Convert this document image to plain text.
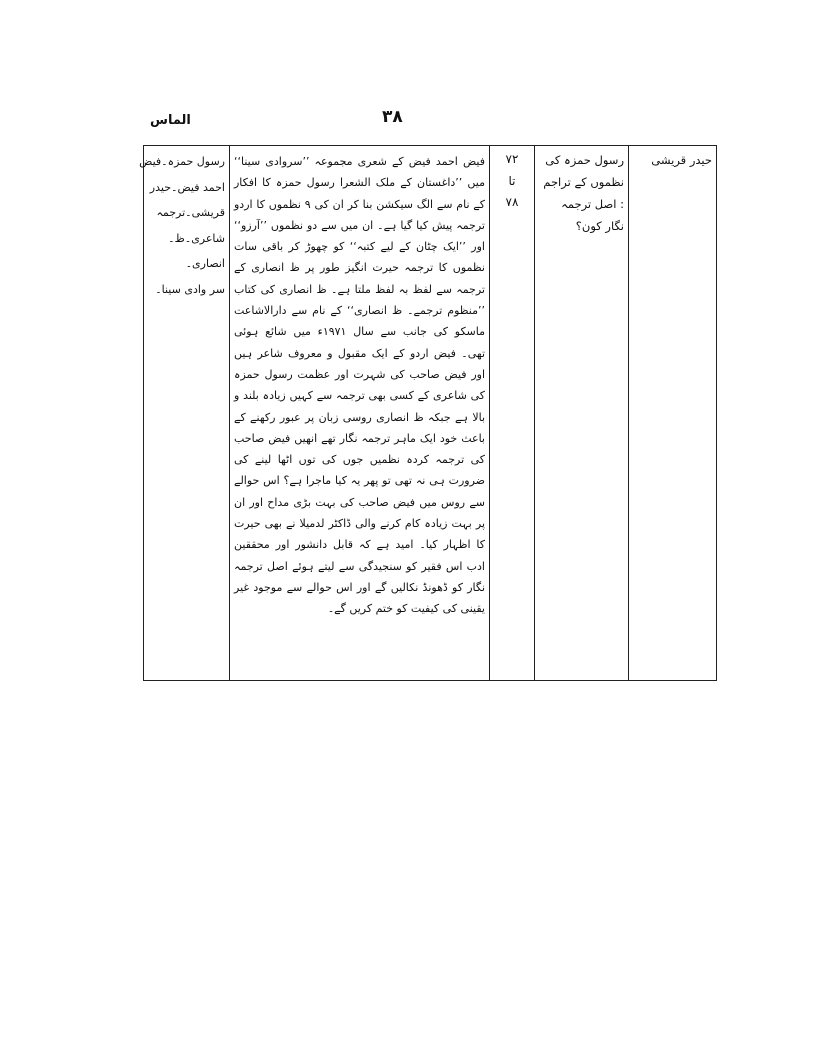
الماس	۳۸
حیدر قریشی

رسول حمزہ کی نظموں کے تراجم : اصل ترجمہ نگار کون؟

۷۲
تا
۷۸

فیض احمد فیض کے شعری مجموعہ ’’سروادی سینا‘‘ میں ’’داغستان کے ملک الشعرا رسول حمزہ کا افکار کے نام سے الگ سیکشن بنا کر ان کی ۹ نظموں کا اردو ترجمہ پیش کیا گیا ہے۔ ان میں سے دو نظموں ’’آرزو‘‘ اور ’’ایک چٹان کے لیے کتبہ‘‘ کو چھوڑ کر باقی سات نظموں کا ترجمہ حیرت انگیز طور پر ظ انصاری کے ترجمہ سے لفظ بہ لفظ ملتا ہے۔ ظ انصاری کی کتاب ’’منظوم ترجمے۔ ظ انصاری‘‘ کے نام سے دارالاشاعت ماسکو کی جانب سے سال ۱۹۷۱ء میں شائع ہوئی تھی۔ فیض اردو کے ایک مقبول و معروف شاعر ہیں اور فیض صاحب کی شہرت اور عظمت رسول حمزہ کی شاعری کے کسی بھی ترجمہ سے کہیں زیادہ بلند و بالا ہے جبکہ ظ انصاری روسی زبان پر عبور رکھنے کے باعث خود ایک ماہر ترجمہ نگار تھے انھیں فیض صاحب کی ترجمہ کردہ نظمیں جوں کی توں اٹھا لینے کی ضرورت ہی نہ تھی تو پھر یہ کیا ماجرا ہے؟ اس حوالے سے روس میں فیض صاحب کی بہت بڑی مداح اور ان پر بہت زیادہ کام کرنے والی ڈاکٹر لدمیلا نے بھی حیرت کا اظہار کیا۔ امید ہے کہ قابل دانشور اور محققین ادب اس فقیر کو سنجیدگی سے لیتے ہوئے اصل ترجمہ نگار کو ڈھونڈ نکالیں گے اور اس حوالے سے موجود غیر یقینی کی کیفیت کو ختم کریں گے۔

رسول حمزہ۔فیض
احمد فیض۔حیدر
قریشی۔ترجمہ
شاعری۔ظ۔
انصاری۔
سر وادی سینا۔
